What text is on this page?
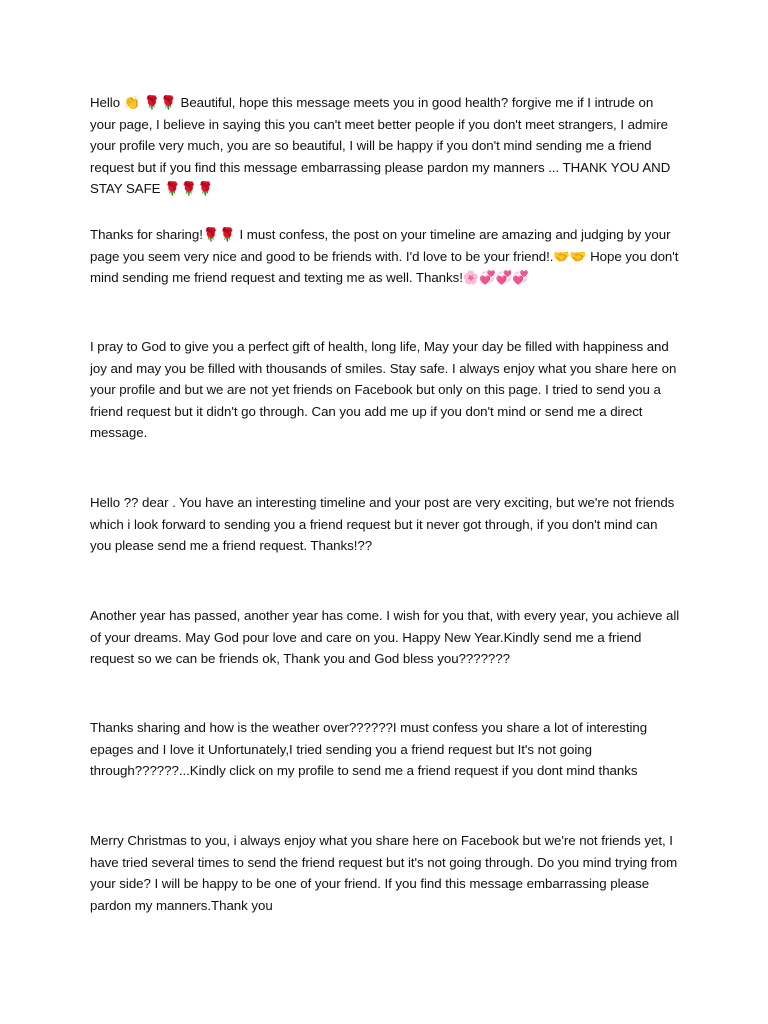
Hello 👏 🌹🌹 Beautiful, hope this message meets you in good health? forgive me if I intrude on your page, I believe in saying this you can't meet better people if you don't meet strangers, I admire your profile very much, you are so beautiful, I will be happy if you don't mind sending me a friend request but if you find this message embarrassing please pardon my manners ... THANK YOU AND STAY SAFE 🌹🌹🌹

Thanks for sharing!🌹🌹 I must confess, the post on your timeline are amazing and judging by your page you seem very nice and good to be friends with. I'd love to be your friend!.🤝🤝 Hope you don't mind sending me friend request and texting me as well. Thanks!🌸💞💞💞

I pray to God to give you a perfect gift of health, long life, May your day be filled with happiness and joy and may you be filled with thousands of smiles. Stay safe. I always enjoy what you share here on your profile and but we are not yet friends on Facebook but only on this page. I tried to send you a friend request but it didn't go through. Can you add me up if you don't mind or send me a direct message.

Hello ?? dear . You have an interesting timeline and your post are very exciting, but we're not friends which i look forward to sending you a friend request but it never got through, if you don't mind can you please send me a friend request. Thanks!??

Another year has passed, another year has come. I wish for you that, with every year, you achieve all of your dreams. May God pour love and care on you. Happy New Year.Kindly send me a friend request so we can be friends ok, Thank you and God bless you???????

Thanks sharing and how is the weather over??????I must confess you share a lot of interesting epages and I love it Unfortunately,I tried sending you a friend request but It's not going through??????...Kindly click on my profile to send me a friend request if you dont mind thanks

Merry Christmas to you, i always enjoy what you share here on Facebook but we're not friends yet, I have tried several times to send the friend request but it's not going through. Do you mind trying from your side? I will be happy to be one of your friend. If you find this message embarrassing please pardon my manners.Thank you
